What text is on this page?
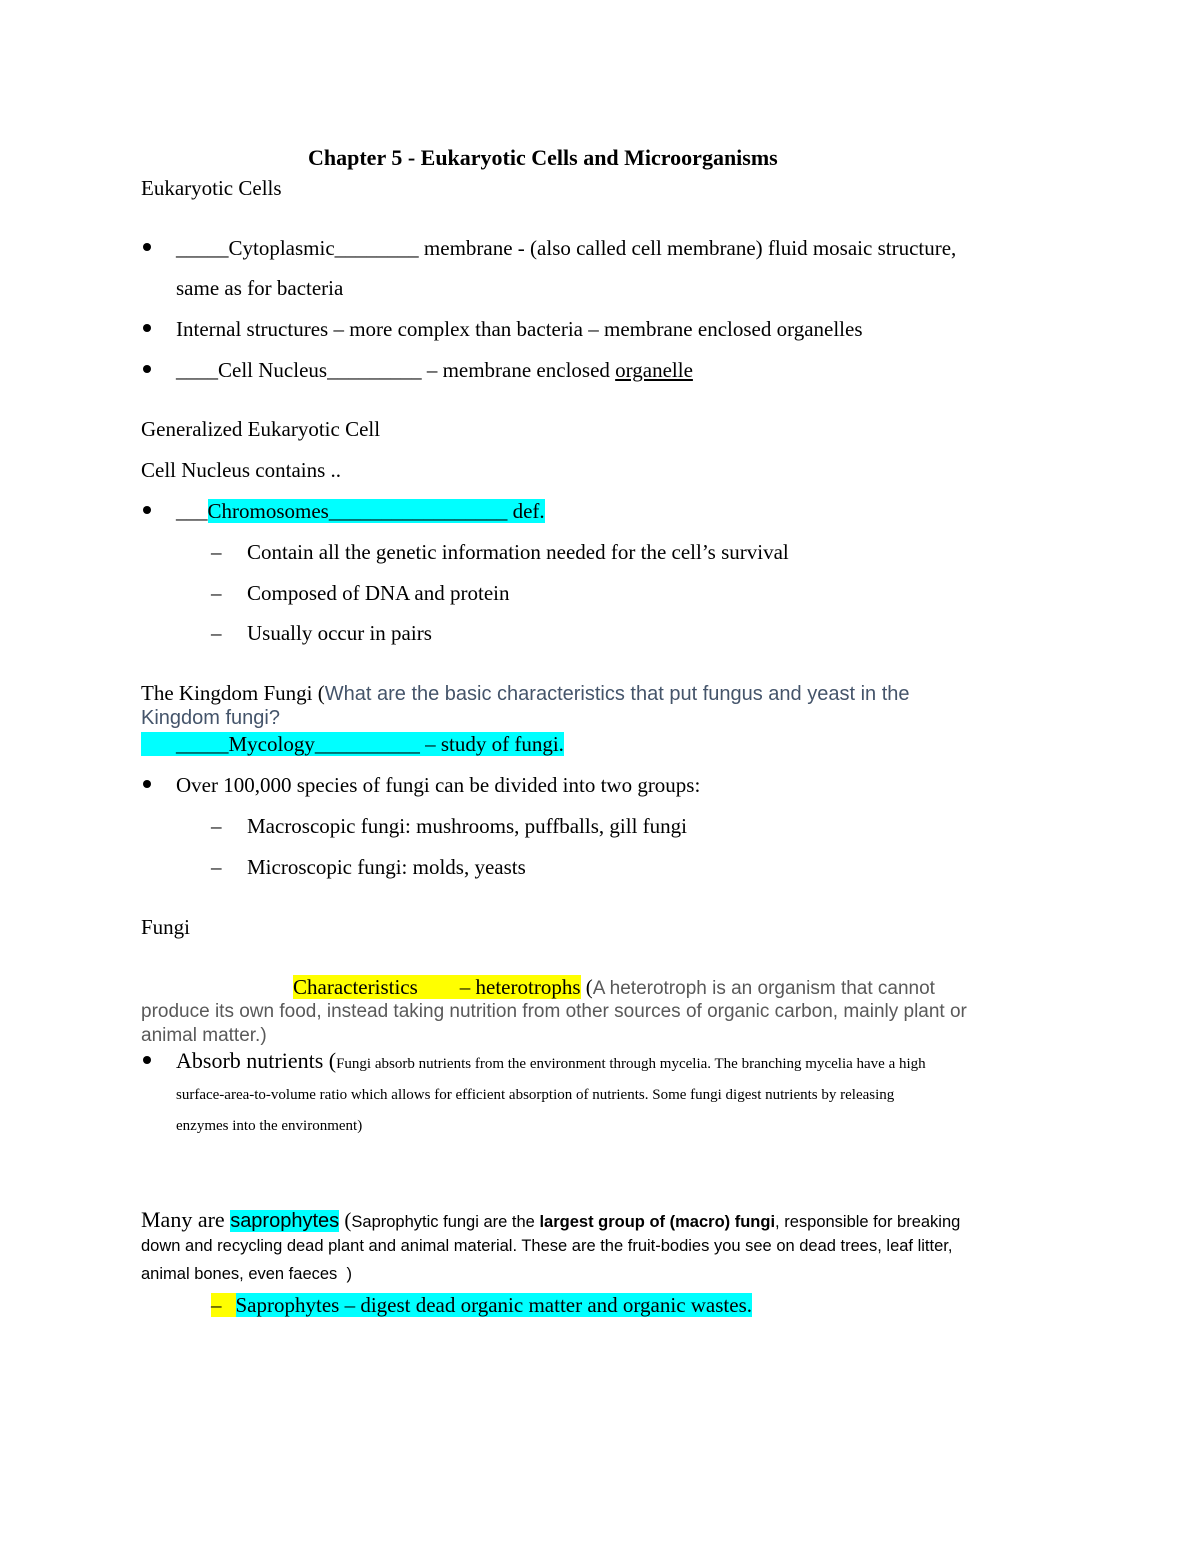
Chapter 5 - Eukaryotic Cells and Microorganisms
Eukaryotic Cells
_____Cytoplasmic________ membrane - (also called cell membrane) fluid mosaic structure,
same as for bacteria
Internal structures – more complex than bacteria – membrane enclosed organelles
____Cell Nucleus_________ – membrane enclosed organelle
Generalized Eukaryotic Cell
Cell Nucleus contains ..
___Chromosomes_________________ def.
– Contain all the genetic information needed for the cell’s survival
– Composed of DNA and protein
– Usually occur in pairs
The Kingdom Fungi (What are the basic characteristics that put fungus and yeast in the
Kingdom fungi?
_____Mycology__________ – study of fungi.
Over 100,000 species of fungi can be divided into two groups:
– Macroscopic fungi: mushrooms, puffballs, gill fungi
– Microscopic fungi: molds, yeasts
Fungi
Characteristics        – heterotrophs (A heterotroph is an organism that cannot
produce its own food, instead taking nutrition from other sources of organic carbon, mainly plant or
animal matter.)
Absorb nutrients (Fungi absorb nutrients from the environment through mycelia. The branching mycelia have a high
surface-area-to-volume ratio which allows for efficient absorption of nutrients. Some fungi digest nutrients by releasing
enzymes into the environment)
Many are saprophytes (Saprophytic fungi are the largest group of (macro) fungi, responsible for breaking
down and recycling dead plant and animal material. These are the fruit-bodies you see on dead trees, leaf litter,
animal bones, even faeces  )
– Saprophytes – digest dead organic matter and organic wastes.
